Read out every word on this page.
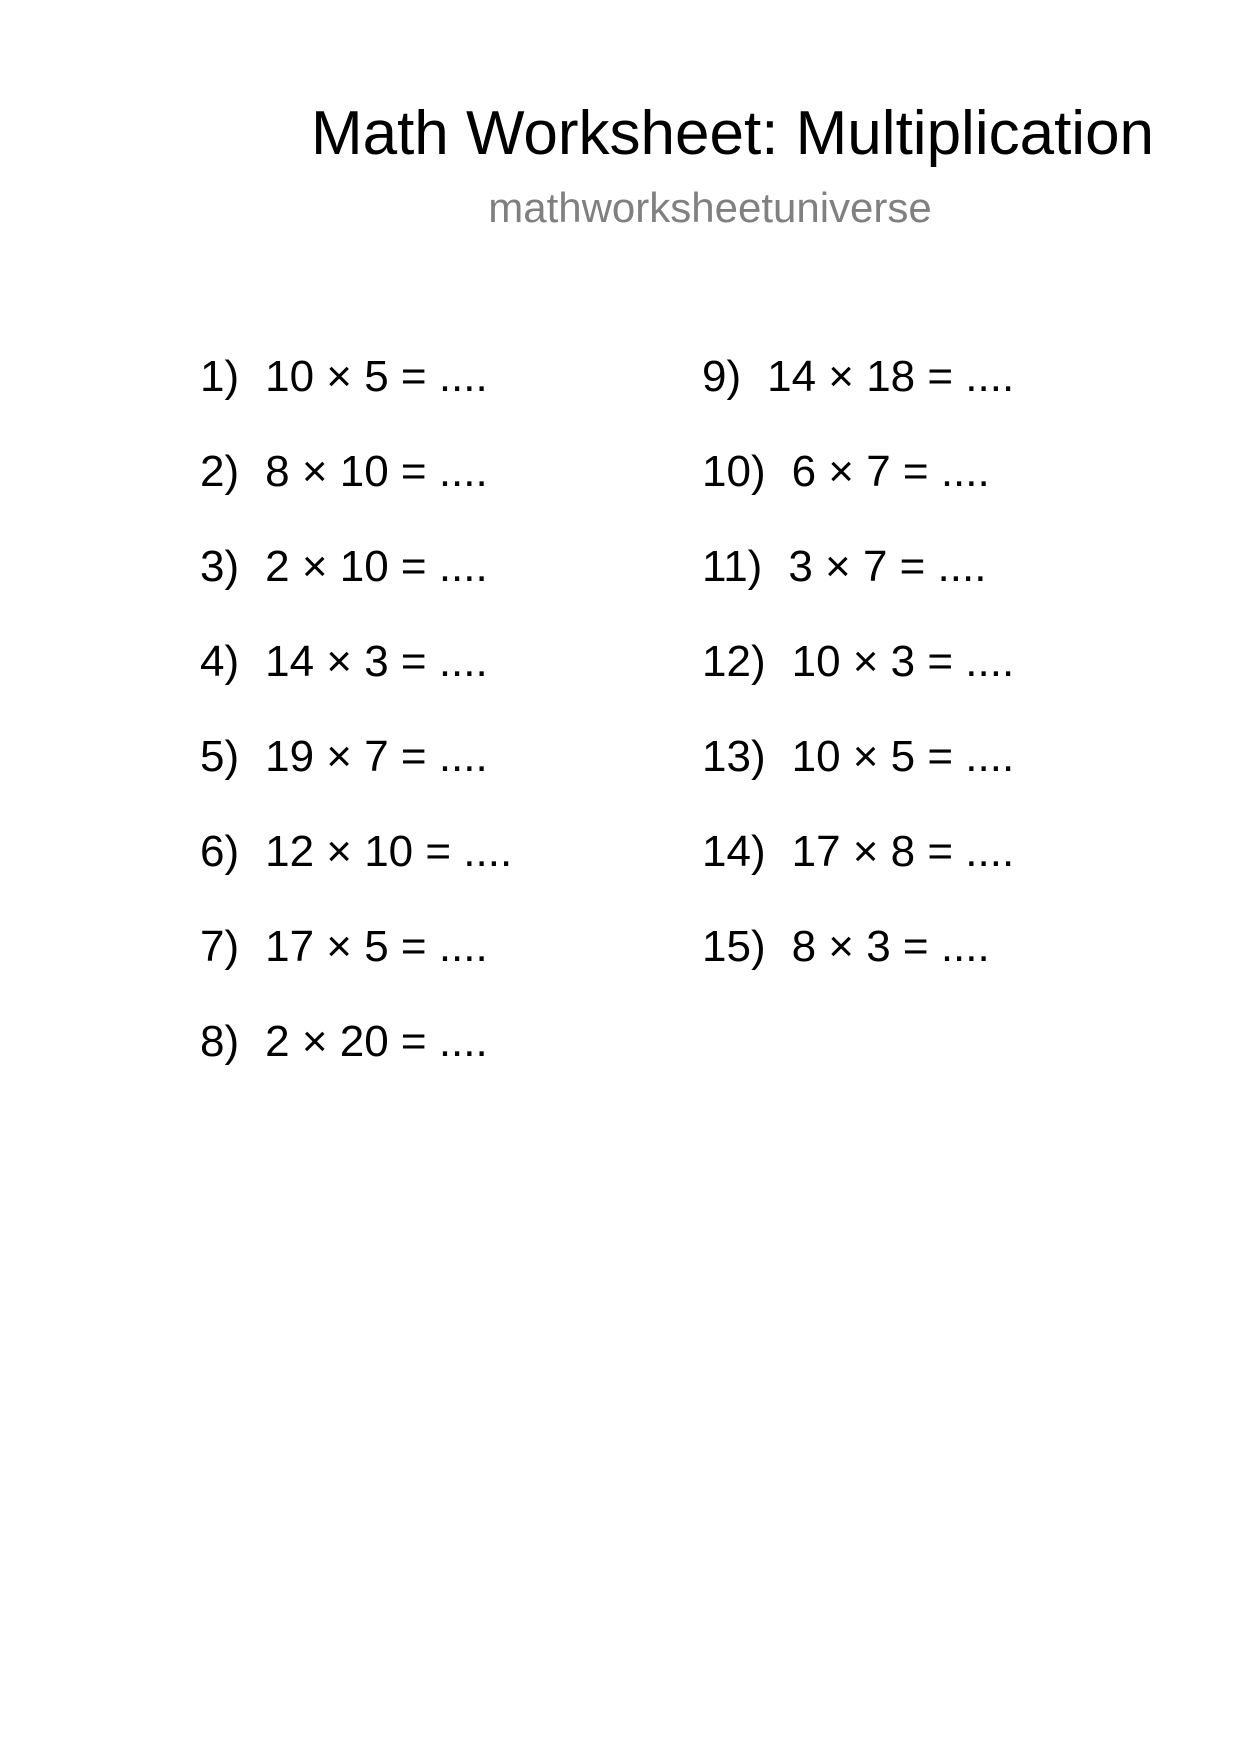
Math Worksheet: Multiplication
mathworksheetuniverse
1) 10 × 5 = ....
2) 8 × 10 = ....
3) 2 × 10 = ....
4) 14 × 3 = ....
5) 19 × 7 = ....
6) 12 × 10 = ....
7) 17 × 5 = ....
8) 2 × 20 = ....
9) 14 × 18 = ....
10) 6 × 7 = ....
11) 3 × 7 = ....
12) 10 × 3 = ....
13) 10 × 5 = ....
14) 17 × 8 = ....
15) 8 × 3 = ....
